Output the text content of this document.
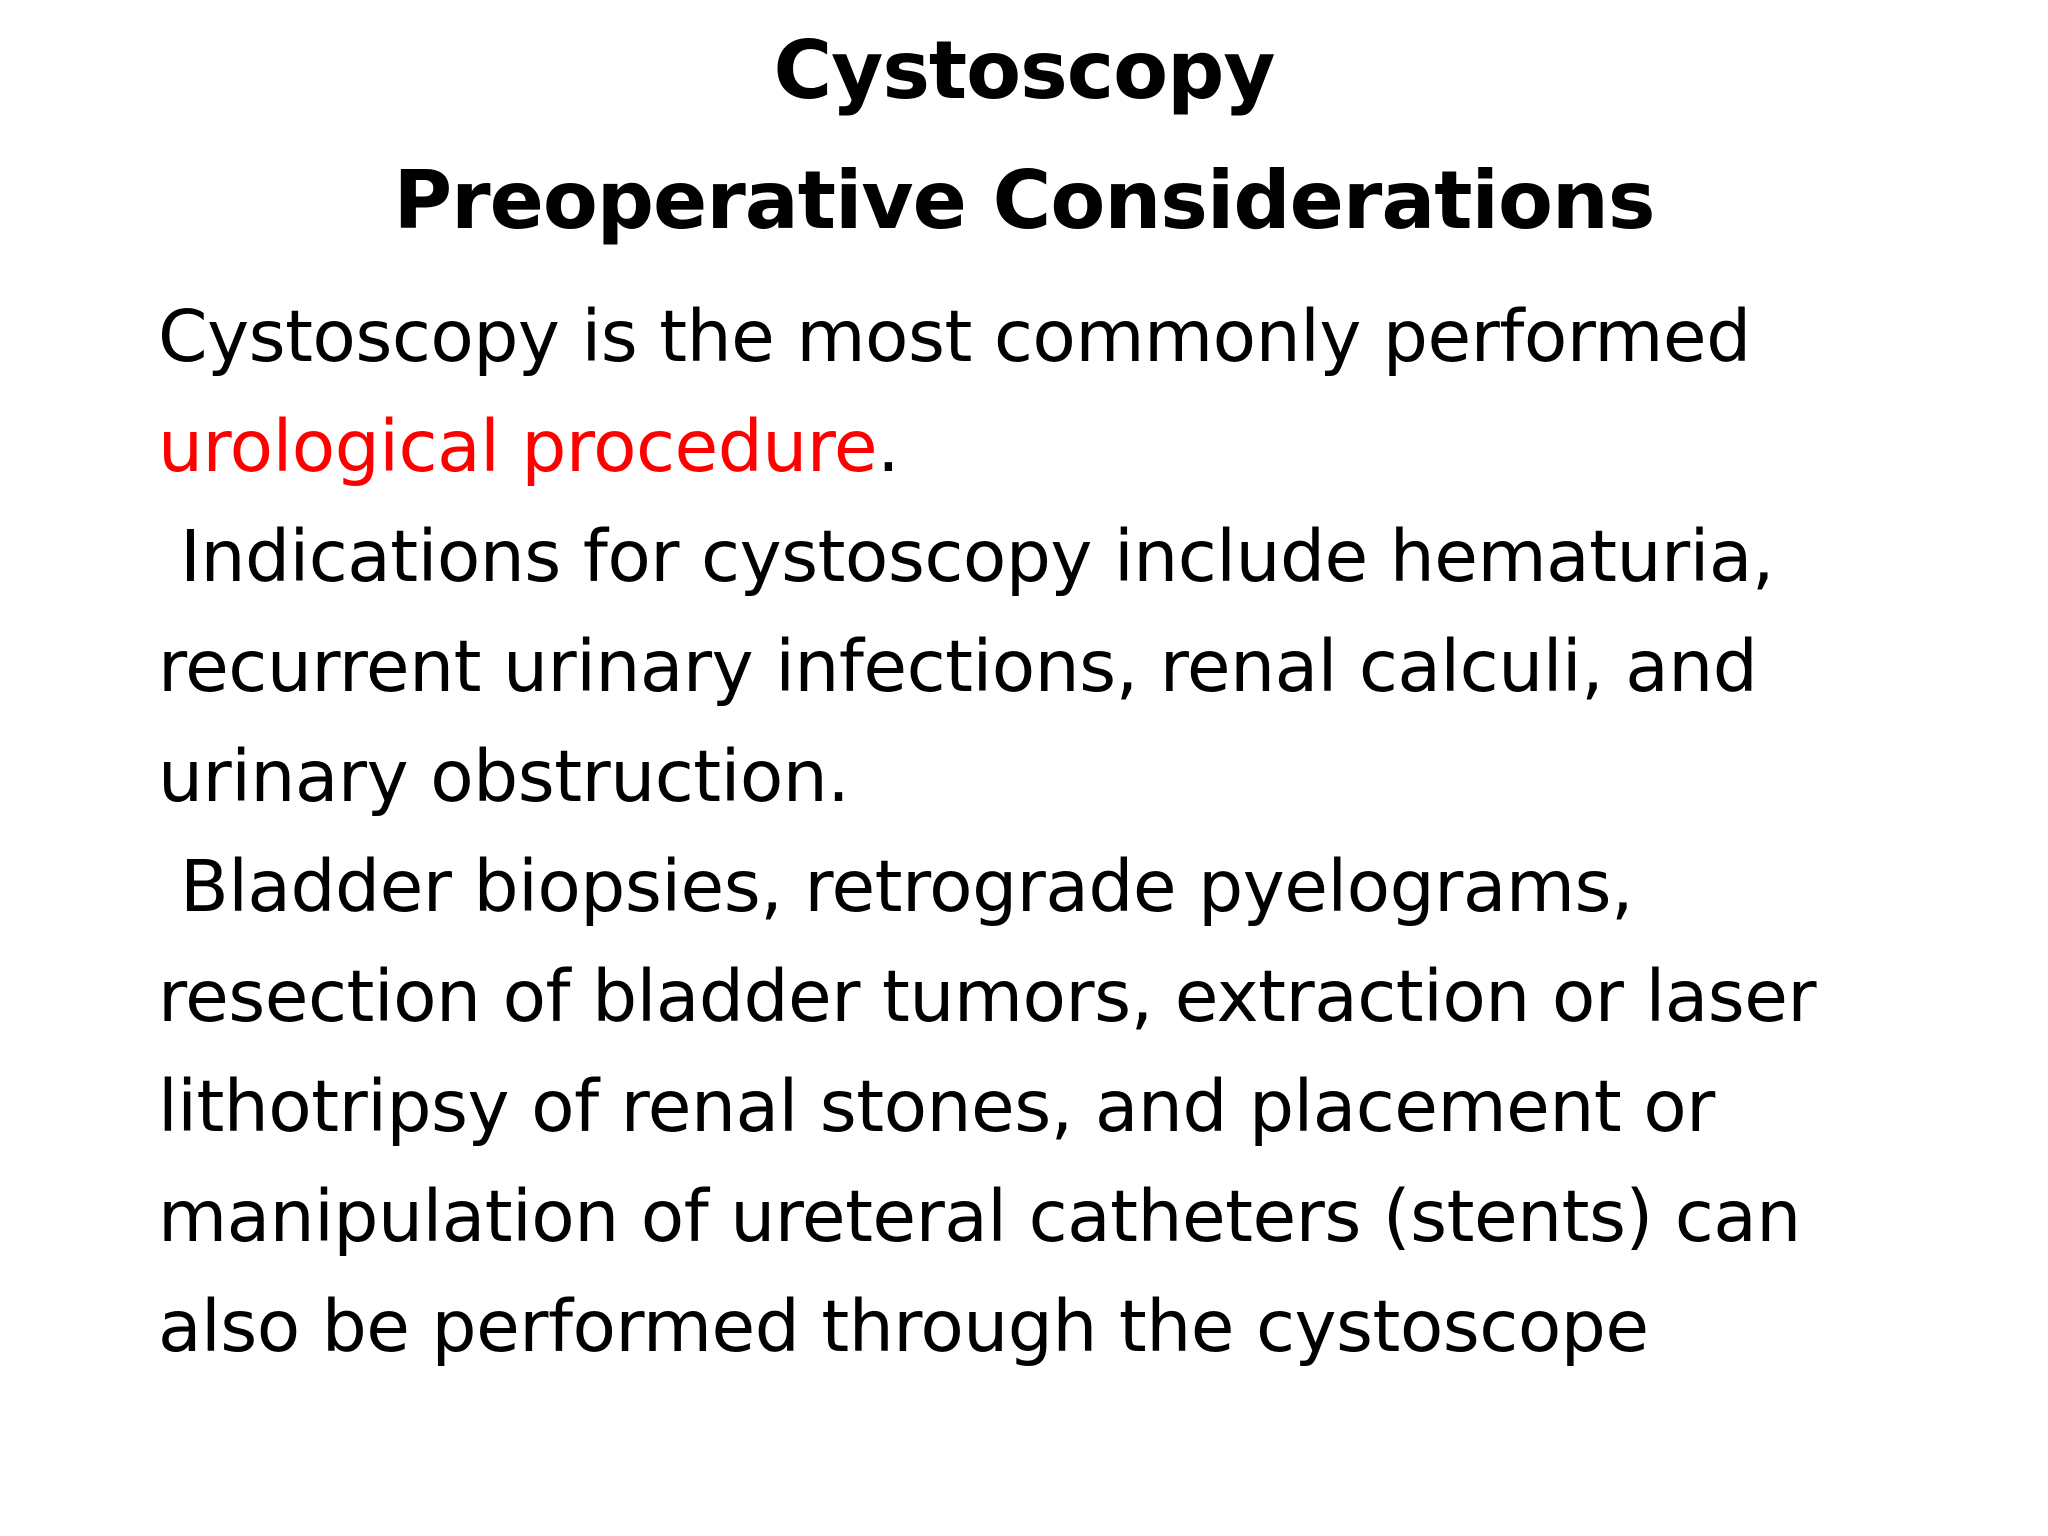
Cystoscopy
Preoperative Considerations
Cystoscopy is the most commonly performed
urological procedure.
Indications for cystoscopy include hematuria,
recurrent urinary infections, renal calculi, and
urinary obstruction.
Bladder biopsies, retrograde pyelograms,
resection of bladder tumors, extraction or laser
lithotripsy of renal stones, and placement or
manipulation of ureteral catheters (stents) can
also be performed through the cystoscope
